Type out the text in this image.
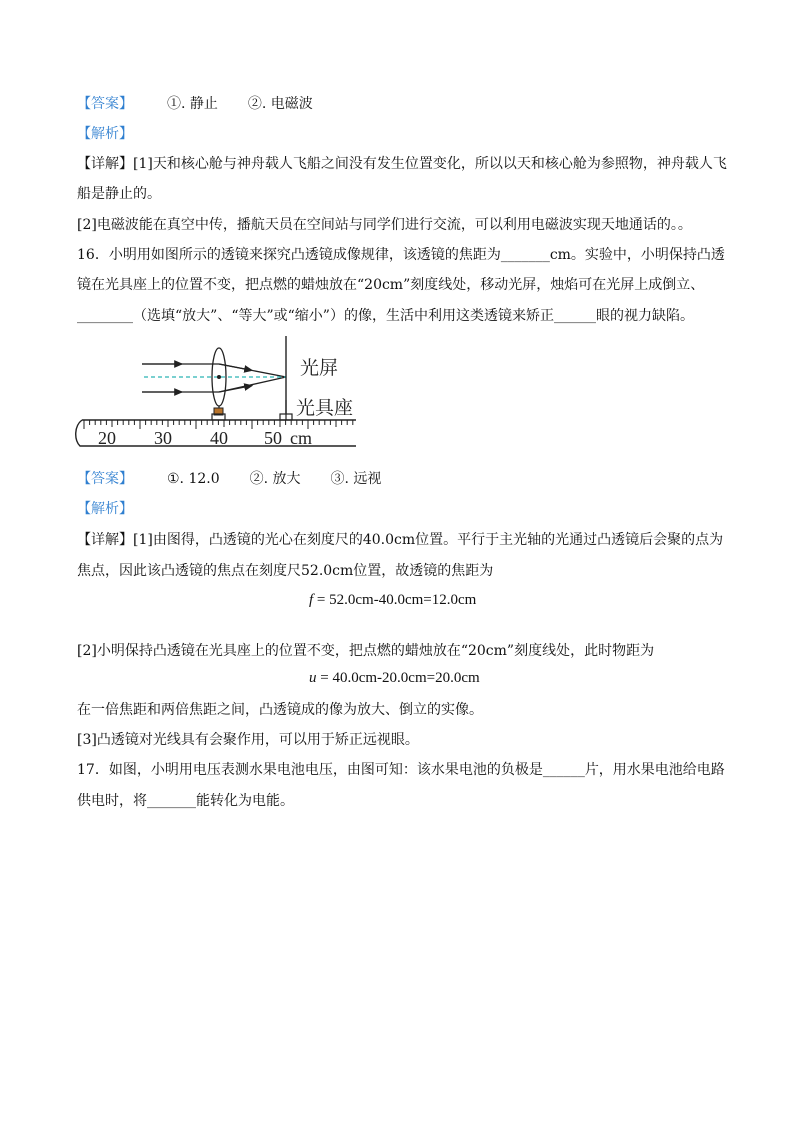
【答案】 ①. 静止 ②. 电磁波
【解析】
【详解】[1]天和核心舱与神舟载人飞船之间没有发生位置变化，所以以天和核心舱为参照物，神舟载人飞
船是静止的。
[2]电磁波能在真空中传，播航天员在空间站与同学们进行交流，可以利用电磁波实现天地通话的。。
16．小明用如图所示的透镜来探究凸透镜成像规律，该透镜的焦距为_______cm。实验中，小明保持凸透
镜在光具座上的位置不变，把点燃的蜡烛放在“20cm”刻度线处，移动光屏，烛焰可在光屏上成倒立、
________（选填“放大”、“等大”或“缩小”）的像，生活中利用这类透镜来矫正______眼的视力缺陷。
光屏
光具座
20 30 40 50 cm
【答案】 ①. 12.0 ②. 放大 ③. 远视
【解析】
【详解】[1]由图得，凸透镜的光心在刻度尺的40.0cm位置。平行于主光轴的光通过凸透镜后会聚的点为
焦点，因此该凸透镜的焦点在刻度尺52.0cm位置，故透镜的焦距为
f = 52.0cm-40.0cm=12.0cm
[2]小明保持凸透镜在光具座上的位置不变，把点燃的蜡烛放在“20cm”刻度线处，此时物距为
u = 40.0cm-20.0cm=20.0cm
在一倍焦距和两倍焦距之间，凸透镜成的像为放大、倒立的实像。
[3]凸透镜对光线具有会聚作用，可以用于矫正远视眼。
17．如图，小明用电压表测水果电池电压，由图可知：该水果电池的负极是______片，用水果电池给电路
供电时，将_______能转化为电能。
